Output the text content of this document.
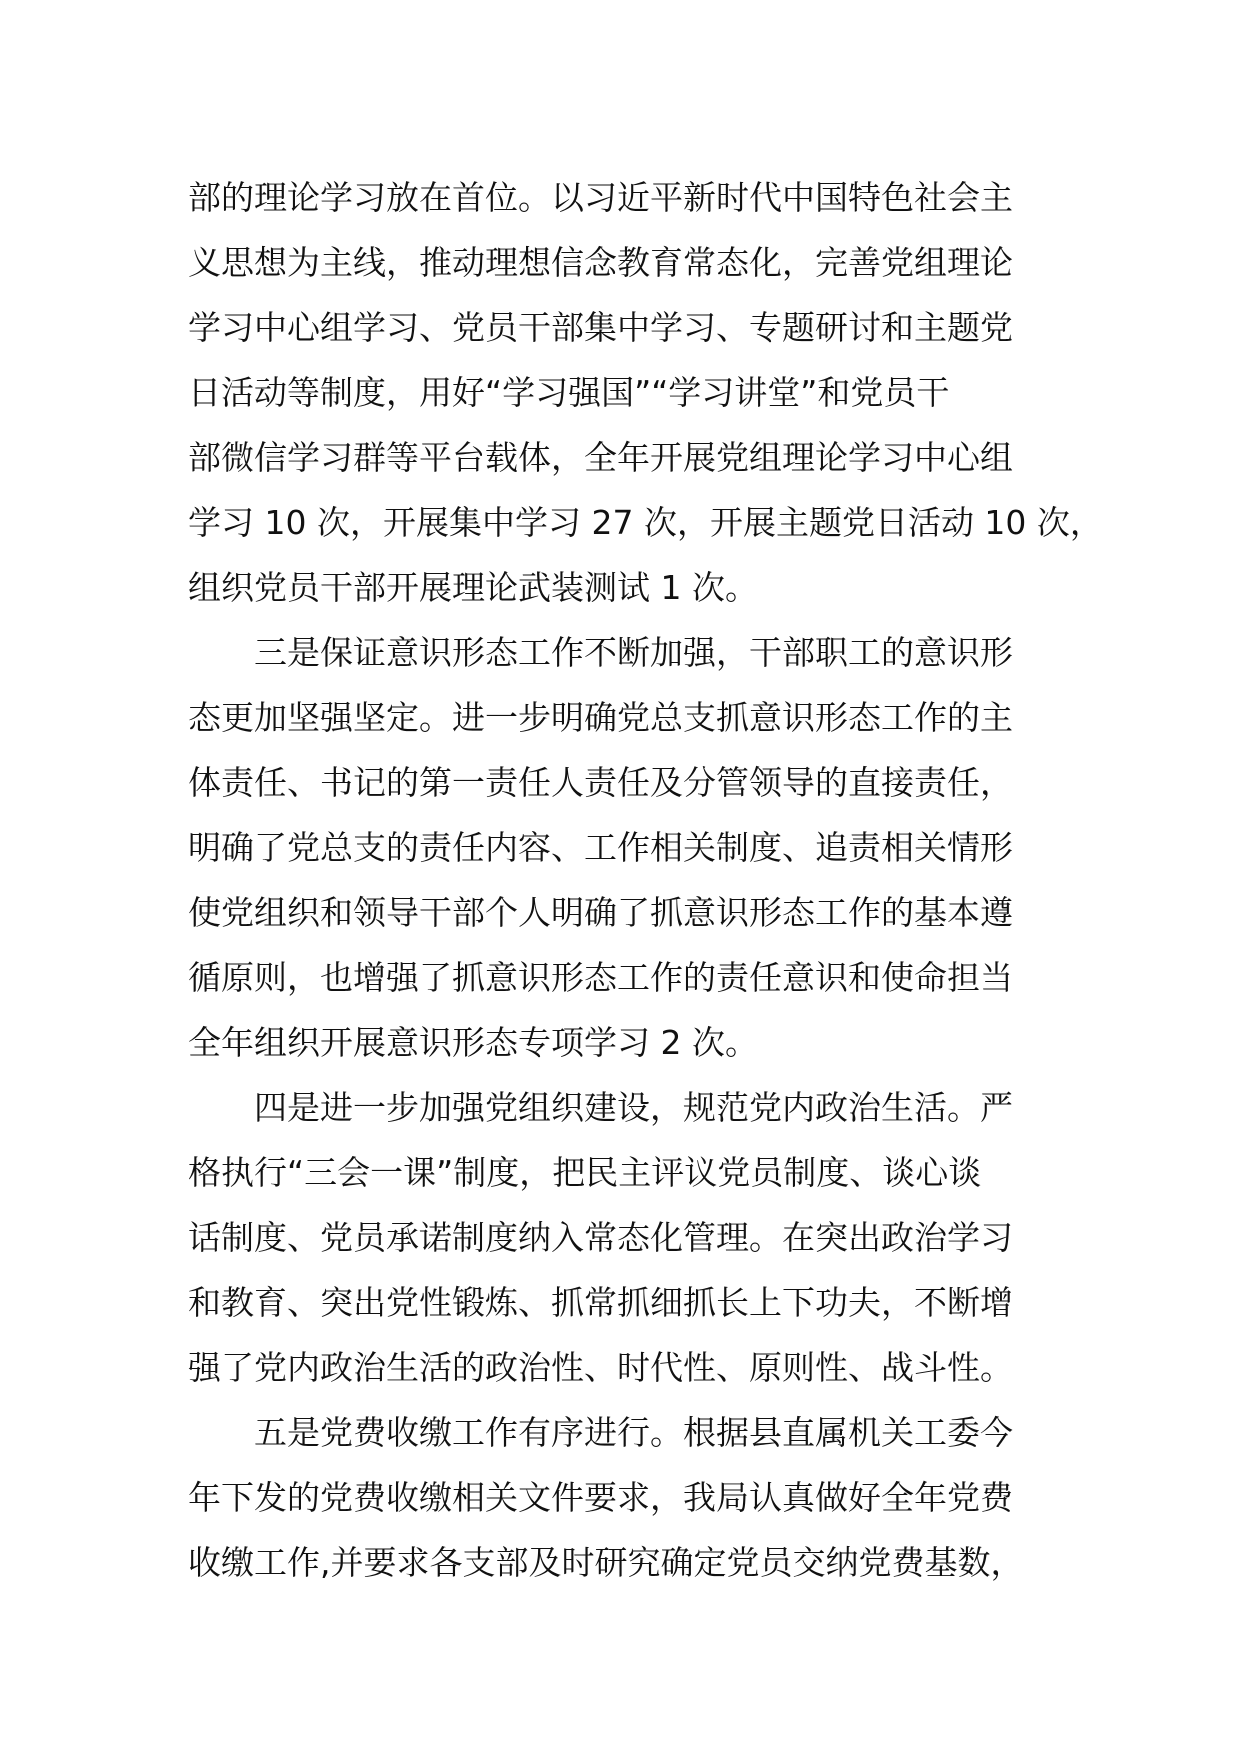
部的理论学习放在首位。以习近平新时代中国特色社会主
义思想为主线，推动理想信念教育常态化，完善党组理论
学习中心组学习、党员干部集中学习、专题研讨和主题党
日活动等制度，用好“学习强国”“学习讲堂”和党员干
部微信学习群等平台载体，全年开展党组理论学习中心组
学习 10 次，开展集中学习 27 次，开展主题党日活动 10 次，
组织党员干部开展理论武装测试 1 次。
三是保证意识形态工作不断加强，干部职工的意识形
态更加坚强坚定。进一步明确党总支抓意识形态工作的主
体责任、书记的第一责任人责任及分管领导的直接责任，
明确了党总支的责任内容、工作相关制度、追责相关情形
使党组织和领导干部个人明确了抓意识形态工作的基本遵
循原则，也增强了抓意识形态工作的责任意识和使命担当
全年组织开展意识形态专项学习 2 次。
四是进一步加强党组织建设，规范党内政治生活。严
格执行“三会一课”制度，把民主评议党员制度、谈心谈
话制度、党员承诺制度纳入常态化管理。在突出政治学习
和教育、突出党性锻炼、抓常抓细抓长上下功夫，不断增
强了党内政治生活的政治性、时代性、原则性、战斗性。
五是党费收缴工作有序进行。根据县直属机关工委今
年下发的党费收缴相关文件要求，我局认真做好全年党费
收缴工作,并要求各支部及时研究确定党员交纳党费基数，
